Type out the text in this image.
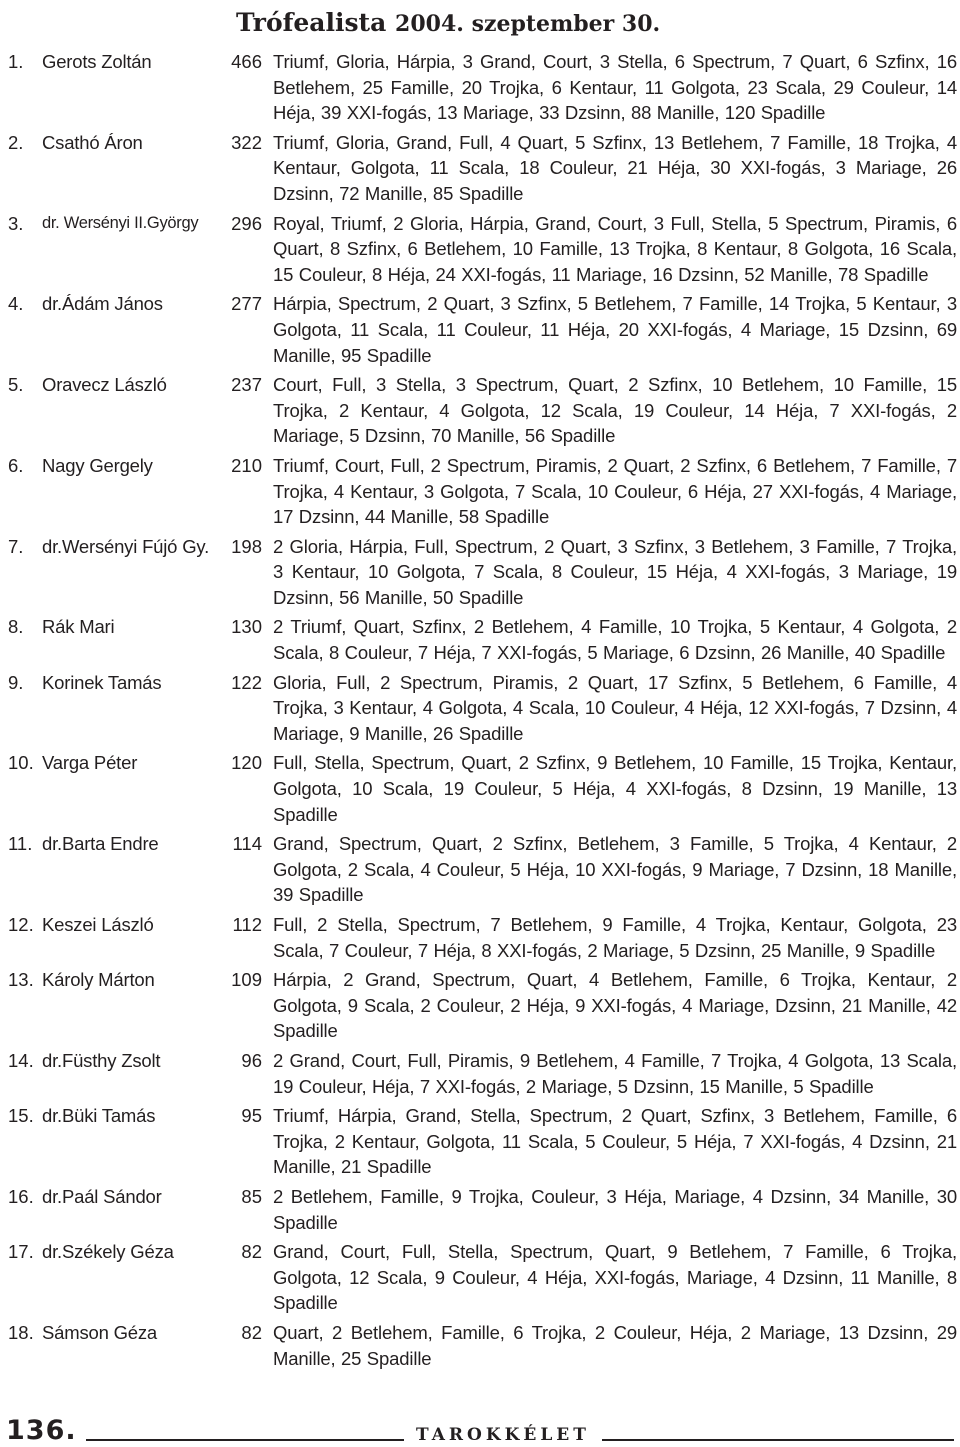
Trófealista 2004. szeptember 30.
1.	Gerots Zoltán	466 Triumf, Gloria, Hárpia, 3 Grand, Court, 3 Stella, 6 Spectrum, 7 Quart, 6 Szfinx, 16 Betlehem, 25 Famille, 20 Trojka, 6 Kentaur, 11 Golgota, 23 Scala, 29 Couleur, 14 Héja, 39 XXI-fogás, 13 Mariage, 33 Dzsinn, 88 Manille, 120 Spadille
2.	Csathó Áron	322 Triumf, Gloria, Grand, Full, 4 Quart, 5 Szfinx, 13 Betlehem, 7 Famille, 18 Trojka, 4 Kentaur, Golgota, 11 Scala, 18 Couleur, 21 Héja, 30 XXI-fogás, 3 Mariage, 26 Dzsinn, 72 Manille, 85 Spadille
3.	dr. Wersényi II.György	296 Royal, Triumf, 2 Gloria, Hárpia, Grand, Court, 3 Full, Stella, 5 Spectrum, Piramis, 6 Quart, 8 Szfinx, 6 Betlehem, 10 Famille, 13 Trojka, 8 Kentaur, 8 Golgota, 16 Scala, 15 Couleur, 8 Héja, 24 XXI-fogás, 11 Mariage, 16 Dzsinn, 52 Manille, 78 Spadille
4.	dr.Ádám János	277 Hárpia, Spectrum, 2 Quart, 3 Szfinx, 5 Betlehem, 7 Famille, 14 Trojka, 5 Kentaur, 3 Golgota, 11 Scala, 11 Couleur, 11 Héja, 20 XXI-fogás, 4 Mariage, 15 Dzsinn, 69 Manille, 95 Spadille
5.	Oravecz László	237 Court, Full, 3 Stella, 3 Spectrum, Quart, 2 Szfinx, 10 Betlehem, 10 Famille, 15 Trojka, 2 Kentaur, 4 Golgota, 12 Scala, 19 Couleur, 14 Héja, 7 XXI-fogás, 2 Mariage, 5 Dzsinn, 70 Manille, 56 Spadille
6.	Nagy Gergely	210 Triumf, Court, Full, 2 Spectrum, Piramis, 2 Quart, 2 Szfinx, 6 Betlehem, 7 Famille, 7 Trojka, 4 Kentaur, 3 Golgota, 7 Scala, 10 Couleur, 6 Héja, 27 XXI-fogás, 4 Mariage, 17 Dzsinn, 44 Manille, 58 Spadille
7.	dr.Wersényi Fújó Gy.	198 2 Gloria, Hárpia, Full, Spectrum, 2 Quart, 3 Szfinx, 3 Betlehem, 3 Famille, 7 Trojka, 3 Kentaur, 10 Golgota, 7 Scala, 8 Couleur, 15 Héja, 4 XXI-fogás, 3 Mariage, 19 Dzsinn, 56 Manille, 50 Spadille
8.	Rák Mari	130 2 Triumf, Quart, Szfinx, 2 Betlehem, 4 Famille, 10 Trojka, 5 Kentaur, 4 Golgota, 2 Scala, 8 Couleur, 7 Héja, 7 XXI-fogás, 5 Mariage, 6 Dzsinn, 26 Manille, 40 Spadille
9.	Korinek Tamás	122 Gloria, Full, 2 Spectrum, Piramis, 2 Quart, 17 Szfinx, 5 Betlehem, 6 Famille, 4 Trojka, 3 Kentaur, 4 Golgota, 4 Scala, 10 Couleur, 4 Héja, 12 XXI-fogás, 7 Dzsinn, 4 Mariage, 9 Manille, 26 Spadille
10. Varga Péter	120 Full, Stella, Spectrum, Quart, 2 Szfinx, 9 Betlehem, 10 Famille, 15 Trojka, Kentaur, Golgota, 10 Scala, 19 Couleur, 5 Héja, 4 XXI-fogás, 8 Dzsinn, 19 Manille, 13 Spadille
11. dr.Barta Endre	114 Grand, Spectrum, Quart, 2 Szfinx, Betlehem, 3 Famille, 5 Trojka, 4 Kentaur, 2 Golgota, 2 Scala, 4 Couleur, 5 Héja, 10 XXI-fogás, 9 Mariage, 7 Dzsinn, 18 Manille, 39 Spadille
12. Keszei László	112 Full, 2 Stella, Spectrum, 7 Betlehem, 9 Famille, 4 Trojka, Kentaur, Golgota, 23 Scala, 7 Couleur, 7 Héja, 8 XXI-fogás, 2 Mariage, 5 Dzsinn, 25 Manille, 9 Spadille
13. Károly Márton	109 Hárpia, 2 Grand, Spectrum, Quart, 4 Betlehem, Famille, 6 Trojka, Kentaur, 2 Golgota, 9 Scala, 2 Couleur, 2 Héja, 9 XXI-fogás, 4 Mariage, Dzsinn, 21 Manille, 42 Spadille
14. dr.Füsthy Zsolt	96 2 Grand, Court, Full, Piramis, 9 Betlehem, 4 Famille, 7 Trojka, 4 Golgota, 13 Scala, 19 Couleur, Héja, 7 XXI-fogás, 2 Mariage, 5 Dzsinn, 15 Manille, 5 Spadille
15. dr.Büki Tamás	95 Triumf, Hárpia, Grand, Stella, Spectrum, 2 Quart, Szfinx, 3 Betlehem, Famille, 6 Trojka, 2 Kentaur, Golgota, 11 Scala, 5 Couleur, 5 Héja, 7 XXI-fogás, 4 Dzsinn, 21 Manille, 21 Spadille
16. dr.Paál Sándor	85 2 Betlehem, Famille, 9 Trojka, Couleur, 3 Héja, Mariage, 4 Dzsinn, 34 Manille, 30 Spadille
17. dr.Székely Géza	82 Grand, Court, Full, Stella, Spectrum, Quart, 9 Betlehem, 7 Famille, 6 Trojka, Golgota, 12 Scala, 9 Couleur, 4 Héja, XXI-fogás, Mariage, 4 Dzsinn, 11 Manille, 8 Spadille
18. Sámson Géza	82 Quart, 2 Betlehem, Famille, 6 Trojka, 2 Couleur, Héja, 2 Mariage, 13 Dzsinn, 29 Manille, 25 Spadille
136.	TAROKKÉLET
